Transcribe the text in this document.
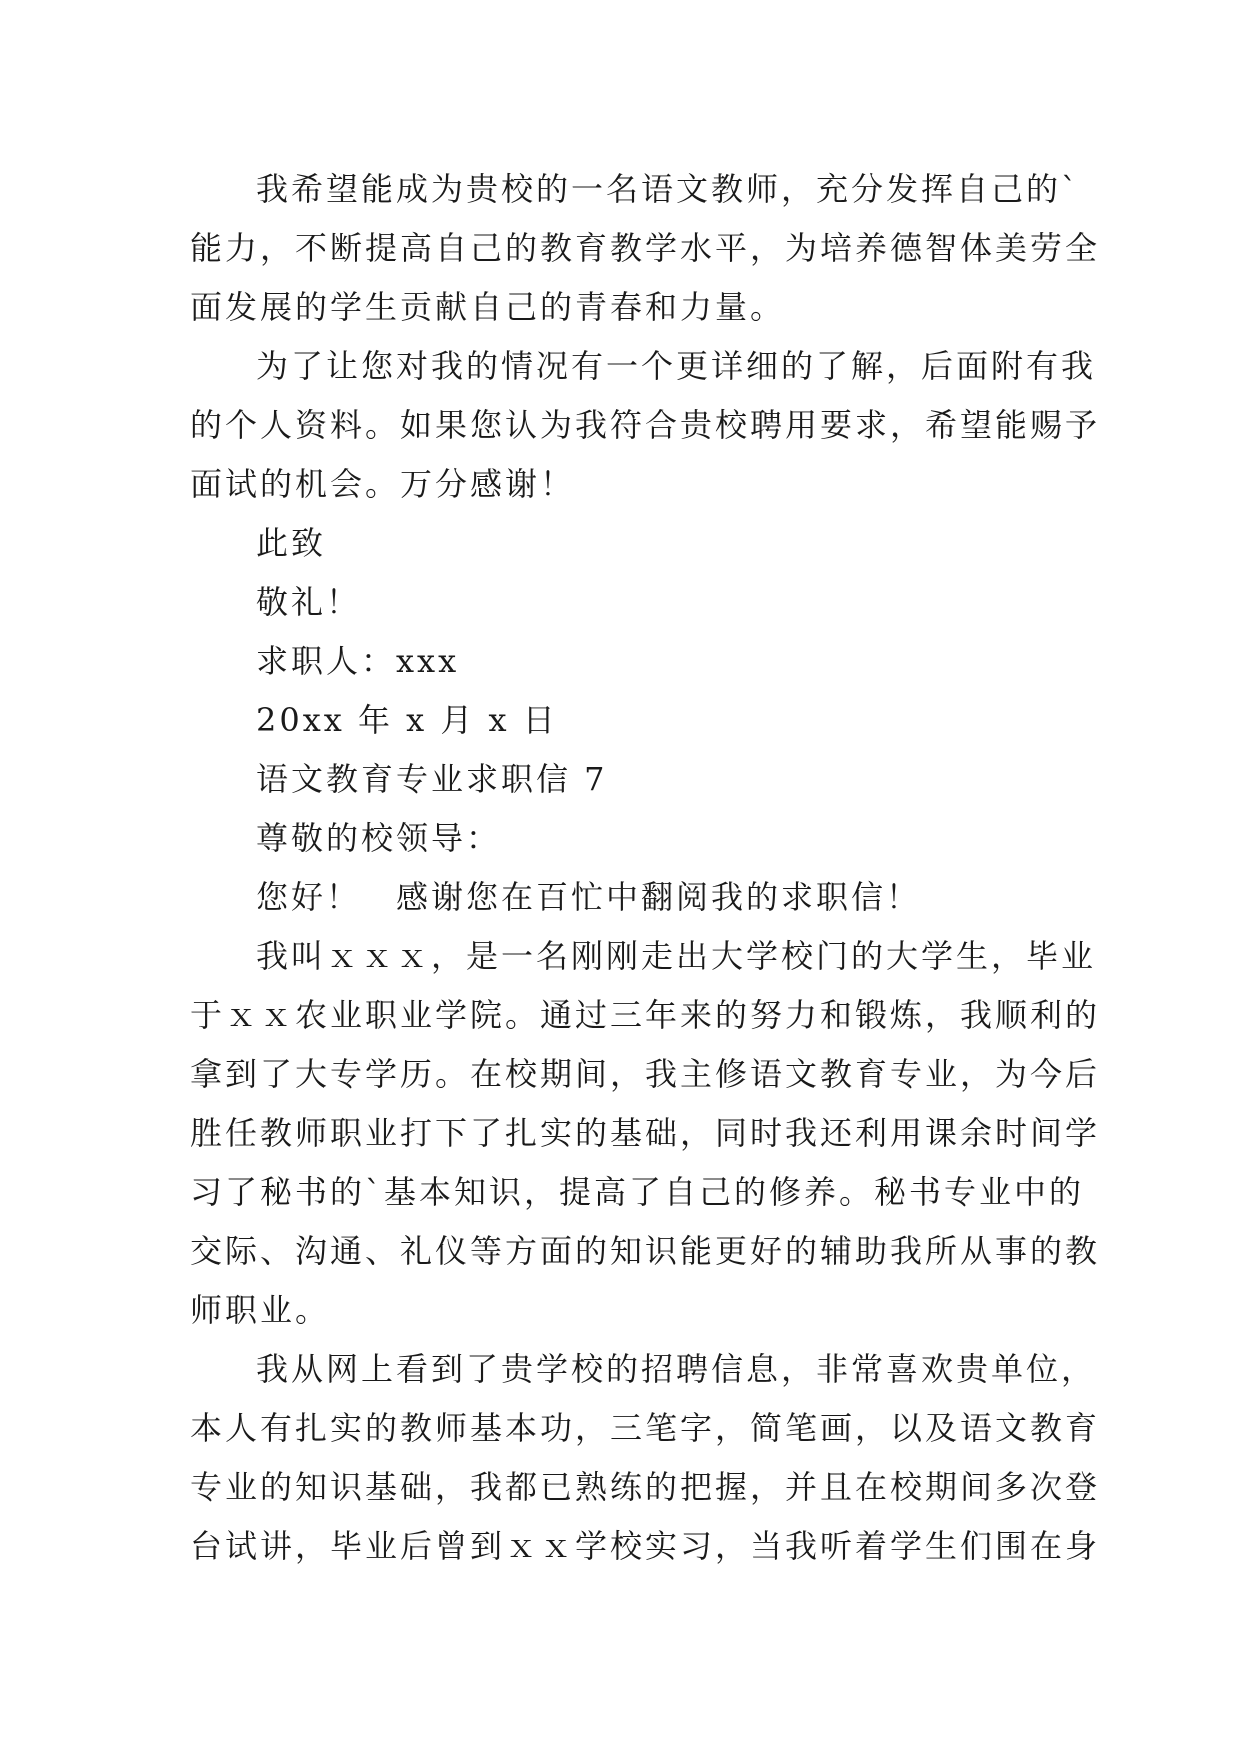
我希望能成为贵校的一名语文教师，充分发挥自己的`
能力，不断提高自己的教育教学水平，为培养德智体美劳全
面发展的学生贡献自己的青春和力量。
为了让您对我的情况有一个更详细的了解，后面附有我
的个人资料。如果您认为我符合贵校聘用要求，希望能赐予
面试的机会。万分感谢！
此致
敬礼！
求职人：xxx
20xx 年 x 月 x 日
语文教育专业求职信 7
尊敬的校领导：
您好！　感谢您在百忙中翻阅我的求职信！
我叫ｘｘｘ，是一名刚刚走出大学校门的大学生，毕业
于ｘｘ农业职业学院。通过三年来的努力和锻炼，我顺利的
拿到了大专学历。在校期间，我主修语文教育专业，为今后
胜任教师职业打下了扎实的基础，同时我还利用课余时间学
习了秘书的`基本知识，提高了自己的修养。秘书专业中的
交际、沟通、礼仪等方面的知识能更好的辅助我所从事的教
师职业。
我从网上看到了贵学校的招聘信息，非常喜欢贵单位，
本人有扎实的教师基本功，三笔字，简笔画，以及语文教育
专业的知识基础，我都已熟练的把握，并且在校期间多次登
台试讲，毕业后曾到ｘｘ学校实习，当我听着学生们围在身
